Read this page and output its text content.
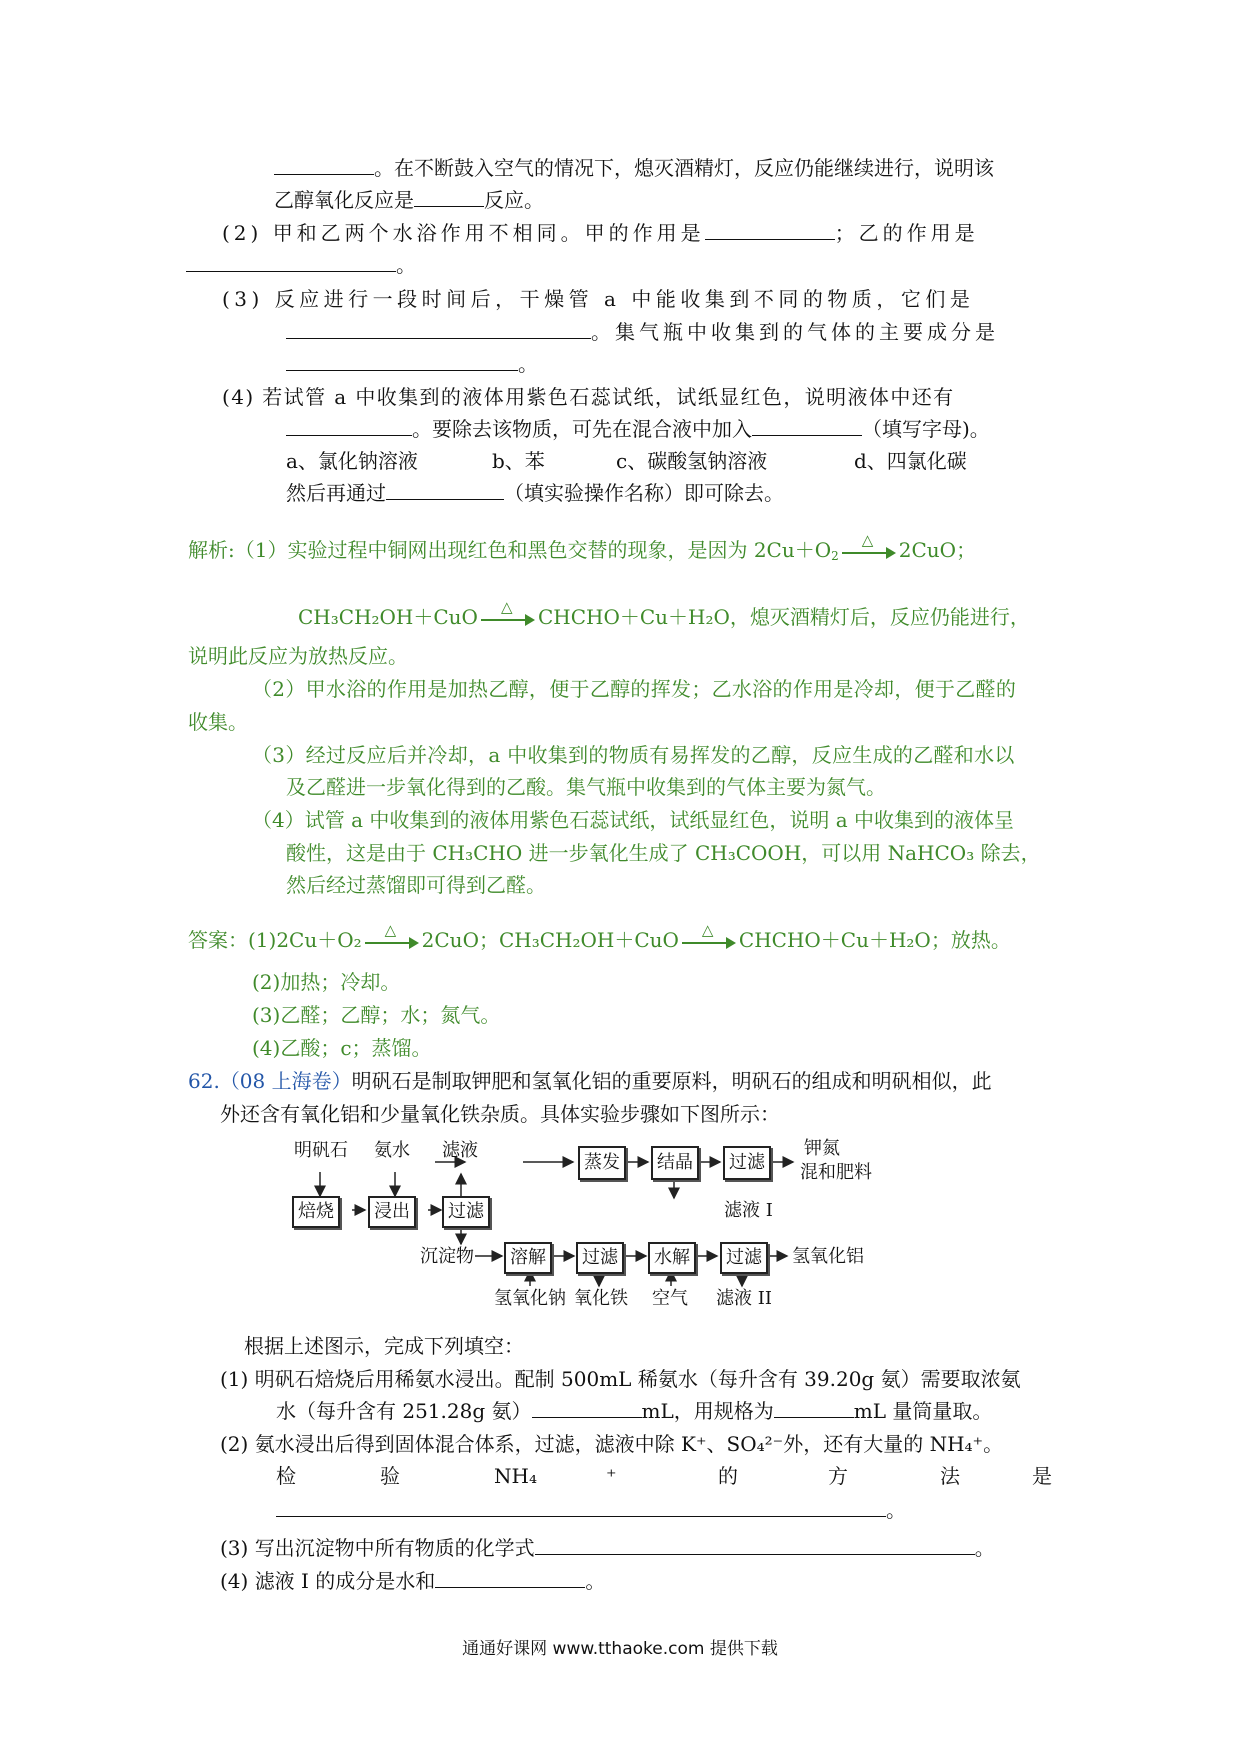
。在不断鼓入空气的情况下，熄灭酒精灯，反应仍能继续进行，说明该
乙醇氧化反应是	反应。
(2) 甲和乙两个水浴作用不相同。甲的作用是	；乙的作用是
。
(3) 反应进行一段时间后，干燥管 a 中能收集到不同的物质，它们是
。集气瓶中收集到的气体的主要成分是
。
(4) 若试管 a 中收集到的液体用紫色石蕊试纸，试纸显红色，说明液体中还有
。要除去该物质，可先在混合液中加入	（填写字母)。
a、氯化钠溶液	b、苯	c、碳酸氢钠溶液	d、四氯化碳
然后再通过	（填实验操作名称）即可除去。
解析:（1）实验过程中铜网出现红色和黑色交替的现象，是因为 $2Cu+O_2$
△ 2CuO；
CH₃CH₂OH＋CuO △ CHCHO＋Cu＋H₂O，熄灭酒精灯后，反应仍能进行，
说明此反应为放热反应。
（2）甲水浴的作用是加热乙醇，便于乙醇的挥发；乙水浴的作用是冷却，便于乙醛的
收集。
（3）经过反应后并冷却，a 中收集到的物质有易挥发的乙醇，反应生成的乙醛和水以
及乙醛进一步氧化得到的乙酸。集气瓶中收集到的气体主要为氮气。
（4）试管 a 中收集到的液体用紫色石蕊试纸，试纸显红色，说明 a 中收集到的液体呈
酸性，这是由于 CH₃CHO 进一步氧化生成了 CH₃COOH，可以用 NaHCO₃ 除去，
然后经过蒸馏即可得到乙醛。
答案：(1)2Cu＋O₂ △ 2CuO；CH₃CH₂OH＋CuO △ CHCHO＋Cu＋H₂O；放热。
(2)加热；冷却。
(3)乙醛；乙醇；水；氮气。
(4)乙酸；c；蒸馏。
62.（08 上海卷）明矾石是制取钾肥和氢氧化铝的重要原料，明矾石的组成和明矾相似，此
外还含有氧化铝和少量氧化铁杂质。具体实验步骤如下图所示：
明矾石 氨水 滤液
蒸发	结晶	过滤
钾氮
混和肥料
滤液 I
焙烧	浸出	过滤
沉淀物	溶解	过滤	水解	过滤	氢氧化铝
氢氧化钠 氧化铁 空气 滤液 II
根据上述图示，完成下列填空：
(1) 明矾石焙烧后用稀氨水浸出。配制 500mL 稀氨水（每升含有 39.20g 氨）需要取浓氨
水（每升含有 251.28g 氨）	mL，用规格为	mL 量筒量取。
(2) 氨水浸出后得到固体混合体系，过滤，滤液中除 K⁺、SO₄²⁻外，还有大量的 NH₄⁺。
检	验	NH₄	⁺	的	方	法	是
。
(3) 写出沉淀物中所有物质的化学式	。
(4) 滤液 I 的成分是水和	。
通通好课网 www.tthaoke.com 提供下载
